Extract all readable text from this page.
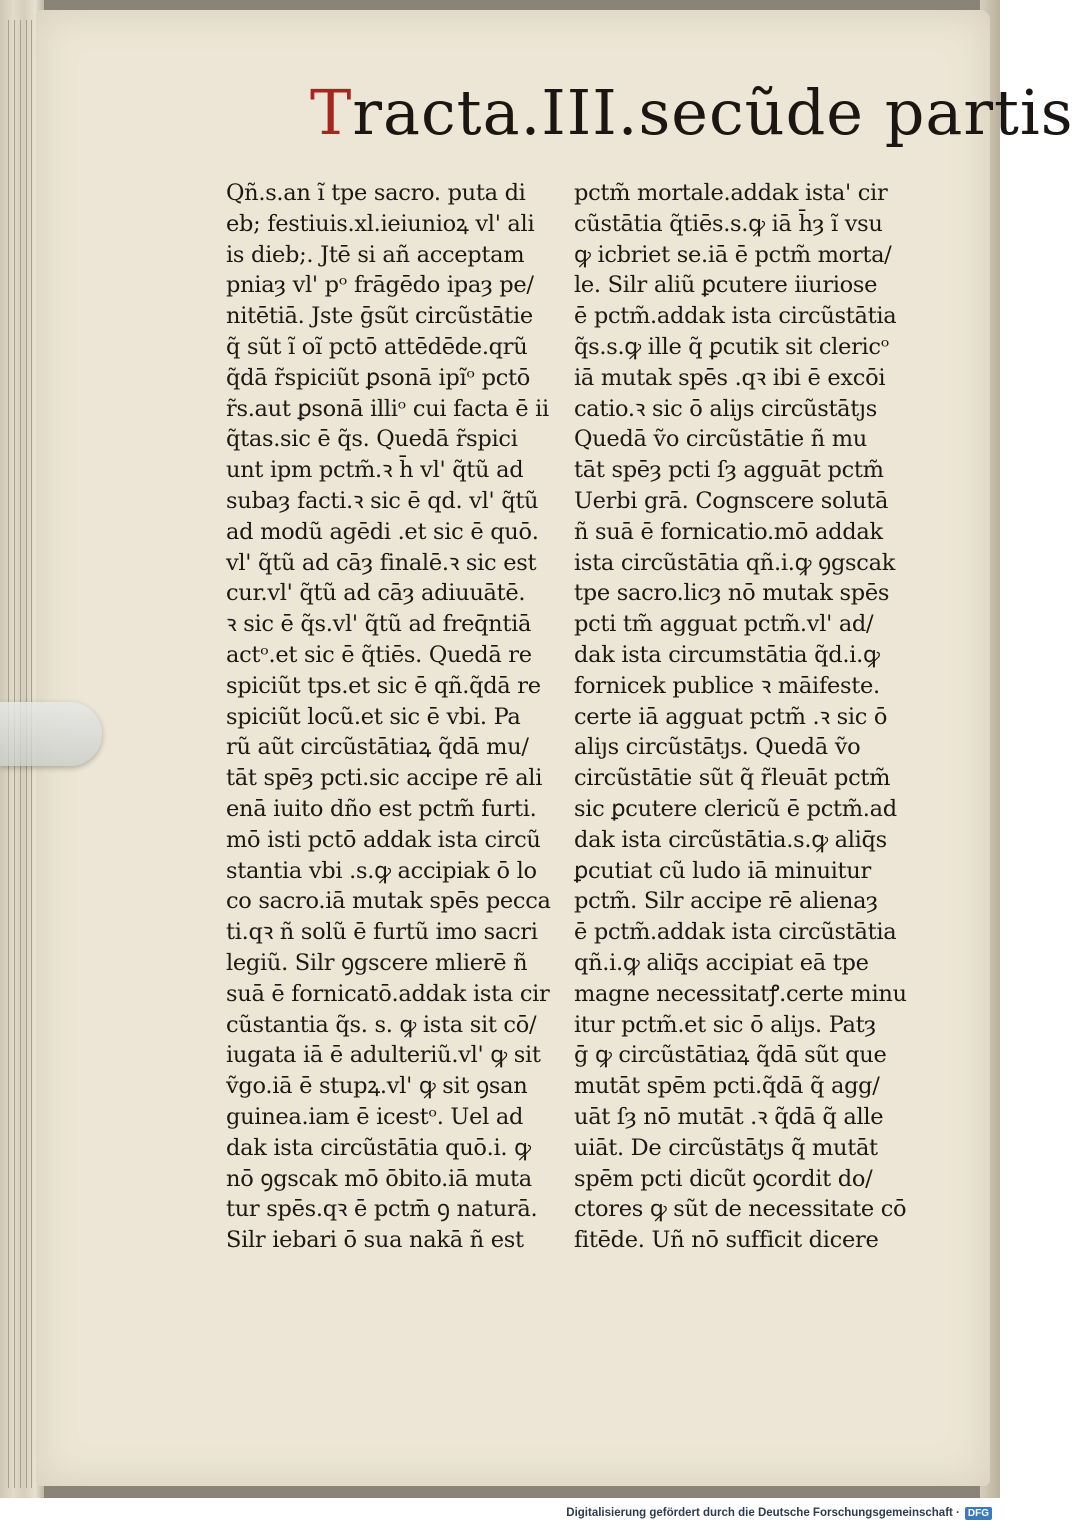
Tracta.III.secũde partis
Qñ.s.an ĩ tpe sacro. puta di
eb; festiuis.xl.ieiunioꝝ vl' ali
is dieb;. Jtē si añ acceptam
pniaȝ vl' pᵒ frāgēdo ipaȝ pe/
nitētiā. Jste ḡsũt circũstātie
q̃ sũt ĩ oĩ pctō attēdēde.qrũ
q̃dā r̃spiciũt ꝑsonā ipĩᵒ pctō
r̃s.aut ꝑsonā illiᵒ cui facta ē ii
q̃tas.sic ē q̃s. Quedā r̃spici
unt ipm pctm̃.ꝛ h̄ vl' q̃tũ ad
subaȝ facti.ꝛ sic ē qd. vl' q̃tũ
ad modũ agēdi .et sic ē quō.
vl' q̃tũ ad cāȝ finalē.ꝛ sic est
cur.vl' q̃tũ ad cāȝ adiuuātē.
ꝛ sic ē q̃s.vl' q̃tũ ad freq̄ntiā
actᵒ.et sic ē q̃tiēs. Quedā re
spiciũt tps.et sic ē qñ.q̃dā re
spiciũt locũ.et sic ē vbi. Pa
rũ aũt circũstātiaꝝ q̃dā mu/
tāt spēȝ pcti.sic accipe rē ali
enā iuito dño est pctm̃ furti.
mō isti pctō addak ista circũ
stantia vbi .s.ꝙ accipiak ō lo
co sacro.iā mutak spēs pecca
ti.qꝛ ñ solũ ē furtũ imo sacri
legiũ. Silr ꝯgscere mlierē ñ
suā ē fornicatō.addak ista cir
cũstantia q̃s. s. ꝙ ista sit cō/
iugata iā ē adulteriũ.vl' ꝙ sit
ṽgo.iā ē stupꝝ.vl' ꝙ sit ꝯsan
guinea.iam ē icestᵒ. Uel ad
dak ista circũstātia quō.i. ꝙ
nō ꝯgscak mō ōbito.iā muta
tur spēs.qꝛ ē pctm̄ ꝯ naturā.
Silr iebari ō sua nakā ñ est
pctm̃ mortale.addak ista' cir
cũstātia q̃tiēs.s.ꝙ iā h̄ȝ ĩ vsu
ꝙ icbriet se.iā ē pctm̃ morta/
le. Silr aliũ ꝑcutere iiuriose
ē pctm̃.addak ista circũstātia
q̃s.s.ꝙ ille q̃ ꝑcutik sit clericᵒ
iā mutak spēs .qꝛ ibi ē excōi
catio.ꝛ sic ō aliȷs circũstātȷs
Quedā ṽo circũstātie ñ mu
tāt spēȝ pcti ſȝ agguāt pctm̃
Uerbi grā. Cognscere solutā
ñ suā ē fornicatio.mō addak
ista circũstātia qñ.i.ꝙ ꝯgscak
tpe sacro.licȝ nō mutak spēs
pcti tm̃ agguat pctm̃.vl' ad/
dak ista circumstātia q̃d.i.ꝙ
fornicek publice ꝛ māifeste.
certe iā agguat pctm̃ .ꝛ sic ō
aliȷs circũstātȷs. Quedā ṽo
circũstātie sũt q̃ r̃leuāt pctm̃
sic ꝑcutere clericũ ē pctm̃.ad
dak ista circũstātia.s.ꝙ aliq̄s
ꝑcutiat cũ ludo iā minuitur
pctm̃. Silr accipe rē alienaȝ
ē pctm̃.addak ista circũstātia
qñ.i.ꝙ aliq̄s accipiat eā tpe
magne necessitatꝭ.certe minu
itur pctm̃.et sic ō aliȷs. Patȝ
ḡ ꝙ circũstātiaꝝ q̃dā sũt que
mutāt spēm pcti.q̃dā q̃ agg/
uāt ſȝ nō mutāt .ꝛ q̃dā q̃ alle
uiāt. De circũstātȷs q̃ mutāt
spēm pcti dicũt ꝯcordit do/
ctores ꝙ sũt de necessitate cō
fitēde. Uñ nō sufficit dicere
Digitalisierung gefördert durch die Deutsche Forschungsgemeinschaft · DFG
